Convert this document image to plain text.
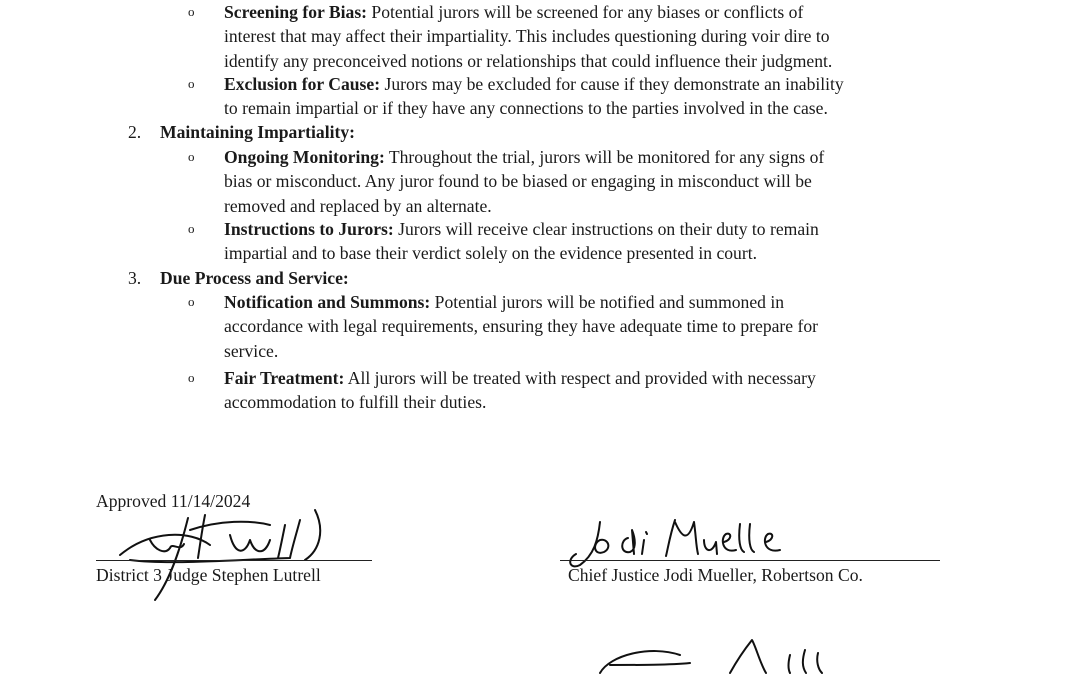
o	Screening for Bias: Potential jurors will be screened for any biases or conflicts of
interest that may affect their impartiality. This includes questioning during voir dire to
identify any preconceived notions or relationships that could influence their judgment.
o	Exclusion for Cause: Jurors may be excluded for cause if they demonstrate an inability
to remain impartial or if they have any connections to the parties involved in the case.
2. Maintaining Impartiality:
o	Ongoing Monitoring: Throughout the trial, jurors will be monitored for any signs of
bias or misconduct. Any juror found to be biased or engaging in misconduct will be
removed and replaced by an alternate.
o	Instructions to Jurors: Jurors will receive clear instructions on their duty to remain
impartial and to base their verdict solely on the evidence presented in court.
3. Due Process and Service:
o	Notification and Summons: Potential jurors will be notified and summoned in
accordance with legal requirements, ensuring they have adequate time to prepare for
service.
o	Fair Treatment: All jurors will be treated with respect and provided with necessary
accommodation to fulfill their duties.
Approved 11/14/2024
District 3 Judge Stephen Lutrell	Chief Justice Jodi Mueller, Robertson Co.
